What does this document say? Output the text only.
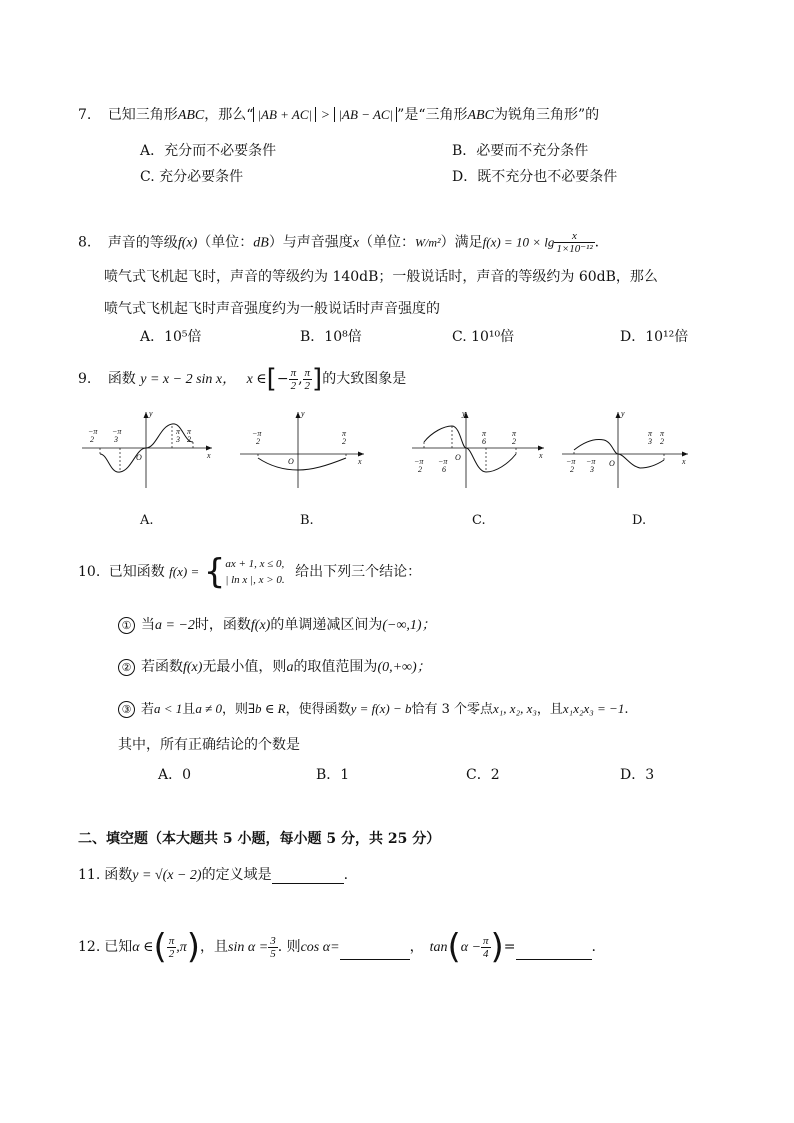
7. 已知三角形ABC，那么“ |AB + AC| > |AB − AC| ”是“三角形ABC为锐角三角形”的
A．充分而不必要条件	B．必要而不充分条件
C. 充分必要条件	D．既不充分也不必要条件
8. 声音的等级f(x)（单位：dB）与声音强度x（单位：W/m²）满足$f(x) = 10 \times \lg \frac{x}{\text{1×10⁻¹²}}$ .
喷气式飞机起飞时，声音的等级约为 140dB；一般说话时，声音的等级约为 60dB，那么
喷气式飞机起飞时声音强度约为一般说话时声音强度的
A．10⁵倍	B．10⁸倍	C. 10¹⁰倍	D．10¹²倍
9. 函数 y = x − 2 sin x， x ∈[− $\frac{\pi}{2}$ , $\frac{\pi}{2}$ ]的大致图象是
y
x
O
−π
2
−π
3
π
3
π
2
A.
y
x
O
−π
2
π
2
B.
y
x
O
π
6
π
2
−π
2
−π
6
C.
y
x
O
π
3
π
2
−π
2
−π
3
D.
10. 已知函数 f(x) = { ax + 1, x ≤ 0,
| ln x |, x > 0. 给出下列三个结论：
① 当a = −2时，函数f(x)的单调递减区间为(−∞,1)；
② 若函数f(x)无最小值，则a的取值范围为(0,+∞)；
③ 若a < 1且a ≠ 0，则∃b ∈ R，使得函数y = f(x) − b恰有 3 个零点x₁, x₂, x₃，且x₁x₂x₃ = −1.
其中，所有正确结论的个数是
A．0	B．1	C．2	D．3
二、填空题（本大题共 5 小题，每小题 5 分，共 25 分）
11. 函数y = √(x − 2)的定义域是	.
12. 已知α ∈( $\frac{\pi}{2} ,\pi$)，且$\sin \alpha = \frac{3}{5}$ . 则cos α=	， $\tan(\alpha - \frac{\pi}{4}$ )=	.
